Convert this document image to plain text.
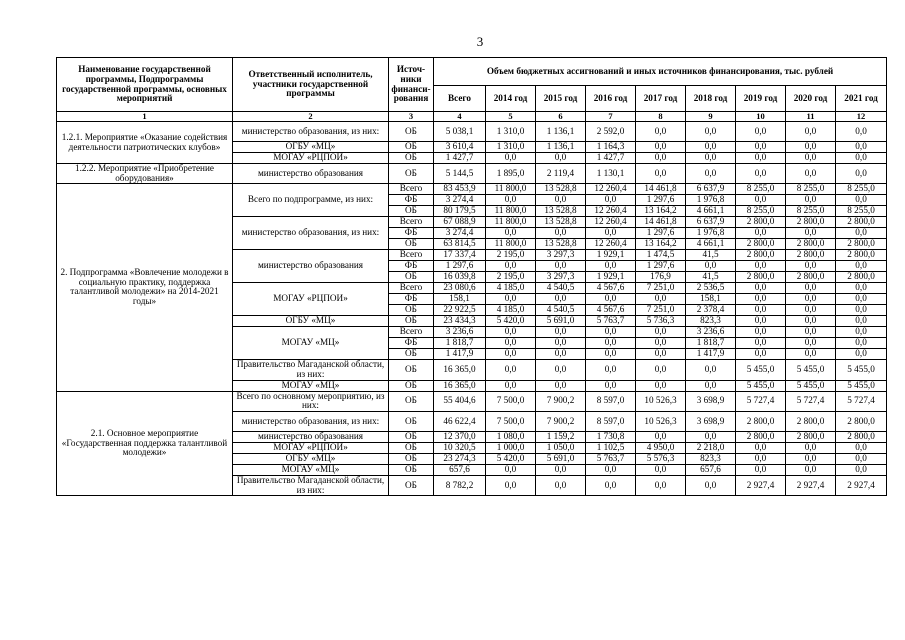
3
Наименование государственной программы, Подпрограммы государственной программы, основных мероприятий	Ответственный исполнитель, участники государственной программы	Источ-ники финанси-рования	Объем бюджетных ассигнований и иных источников финансирования, тыс. рублей								
			Всего	2014 год	2015 год	2016 год	2017 год	2018 год	2019 год	2020 год	2021 год
1	2	3	4	5	6	7	8	9	10	11	12
1.2.1. Мероприятие «Оказание содействия деятельности патриотических клубов»	министерство образования, из них:	ОБ	5 038,1	1 310,0	1 136,1	2 592,0	0,0	0,0	0,0	0,0	0,0
	ОГБУ «МЦ»	ОБ	3 610,4	1 310,0	1 136,1	1 164,3	0,0	0,0	0,0	0,0	0,0
	МОГАУ «РЦПОИ»	ОБ	1 427,7	0,0	0,0	1 427,7	0,0	0,0	0,0	0,0	0,0
1.2.2. Мероприятие «Приобретение оборудования»	министерство образования	ОБ	5 144,5	1 895,0	2 119,4	1 130,1	0,0	0,0	0,0	0,0	0,0
2. Подпрограмма «Вовлечение молодежи в социальную практику, поддержка талантливой молодежи» на 2014-2021 годы»	Всего по подпрограмме, из них:	Всего	83 453,9	11 800,0	13 528,8	12 260,4	14 461,8	6 637,9	8 255,0	8 255,0	8 255,0
		ФБ	3 274,4	0,0	0,0	0,0	1 297,6	1 976,8	0,0	0,0	0,0
		ОБ	80 179,5	11 800,0	13 528,8	12 260,4	13 164,2	4 661,1	8 255,0	8 255,0	8 255,0
	министерство образования, из них:	Всего	67 088,9	11 800,0	13 528,8	12 260,4	14 461,8	6 637,9	2 800,0	2 800,0	2 800,0
		ФБ	3 274,4	0,0	0,0	0,0	1 297,6	1 976,8	0,0	0,0	0,0
		ОБ	63 814,5	11 800,0	13 528,8	12 260,4	13 164,2	4 661,1	2 800,0	2 800,0	2 800,0
	министерство образования	Всего	17 337,4	2 195,0	3 297,3	1 929,1	1 474,5	41,5	2 800,0	2 800,0	2 800,0
		ФБ	1 297,6	0,0	0,0	0,0	1 297,6	0,0	0,0	0,0	0,0
		ОБ	16 039,8	2 195,0	3 297,3	1 929,1	176,9	41,5	2 800,0	2 800,0	2 800,0
	МОГАУ «РЦПОИ»	Всего	23 080,6	4 185,0	4 540,5	4 567,6	7 251,0	2 536,5	0,0	0,0	0,0
		ФБ	158,1	0,0	0,0	0,0	0,0	158,1	0,0	0,0	0,0
		ОБ	22 922,5	4 185,0	4 540,5	4 567,6	7 251,0	2 378,4	0,0	0,0	0,0
	ОГБУ «МЦ»	ОБ	23 434,3	5 420,0	5 691,0	5 763,7	5 736,3	823,3	0,0	0,0	0,0
	МОГАУ «МЦ»	Всего	3 236,6	0,0	0,0	0,0	0,0	3 236,6	0,0	0,0	0,0
		ФБ	1 818,7	0,0	0,0	0,0	0,0	1 818,7	0,0	0,0	0,0
		ОБ	1 417,9	0,0	0,0	0,0	0,0	1 417,9	0,0	0,0	0,0
	Правительство Магаданской области, из них:	ОБ	16 365,0	0,0	0,0	0,0	0,0	0,0	5 455,0	5 455,0	5 455,0
	МОГАУ «МЦ»	ОБ	16 365,0	0,0	0,0	0,0	0,0	0,0	5 455,0	5 455,0	5 455,0
2.1. Основное мероприятие «Государственная поддержка талантливой молодежи»	Всего по основному мероприятию, из них:	ОБ	55 404,6	7 500,0	7 900,2	8 597,0	10 526,3	3 698,9	5 727,4	5 727,4	5 727,4
	министерство образования, из них:	ОБ	46 622,4	7 500,0	7 900,2	8 597,0	10 526,3	3 698,9	2 800,0	2 800,0	2 800,0
	министерство образования	ОБ	12 370,0	1 080,0	1 159,2	1 730,8	0,0	0,0	2 800,0	2 800,0	2 800,0
	МОГАУ «РЦПОИ»	ОБ	10 320,5	1 000,0	1 050,0	1 102,5	4 950,0	2 218,0	0,0	0,0	0,0
	ОГБУ «МЦ»	ОБ	23 274,3	5 420,0	5 691,0	5 763,7	5 576,3	823,3	0,0	0,0	0,0
	МОГАУ «МЦ»	ОБ	657,6	0,0	0,0	0,0	0,0	657,6	0,0	0,0	0,0
	Правительство Магаданской области, из них:	ОБ	8 782,2	0,0	0,0	0,0	0,0	0,0	2 927,4	2 927,4	2 927,4
